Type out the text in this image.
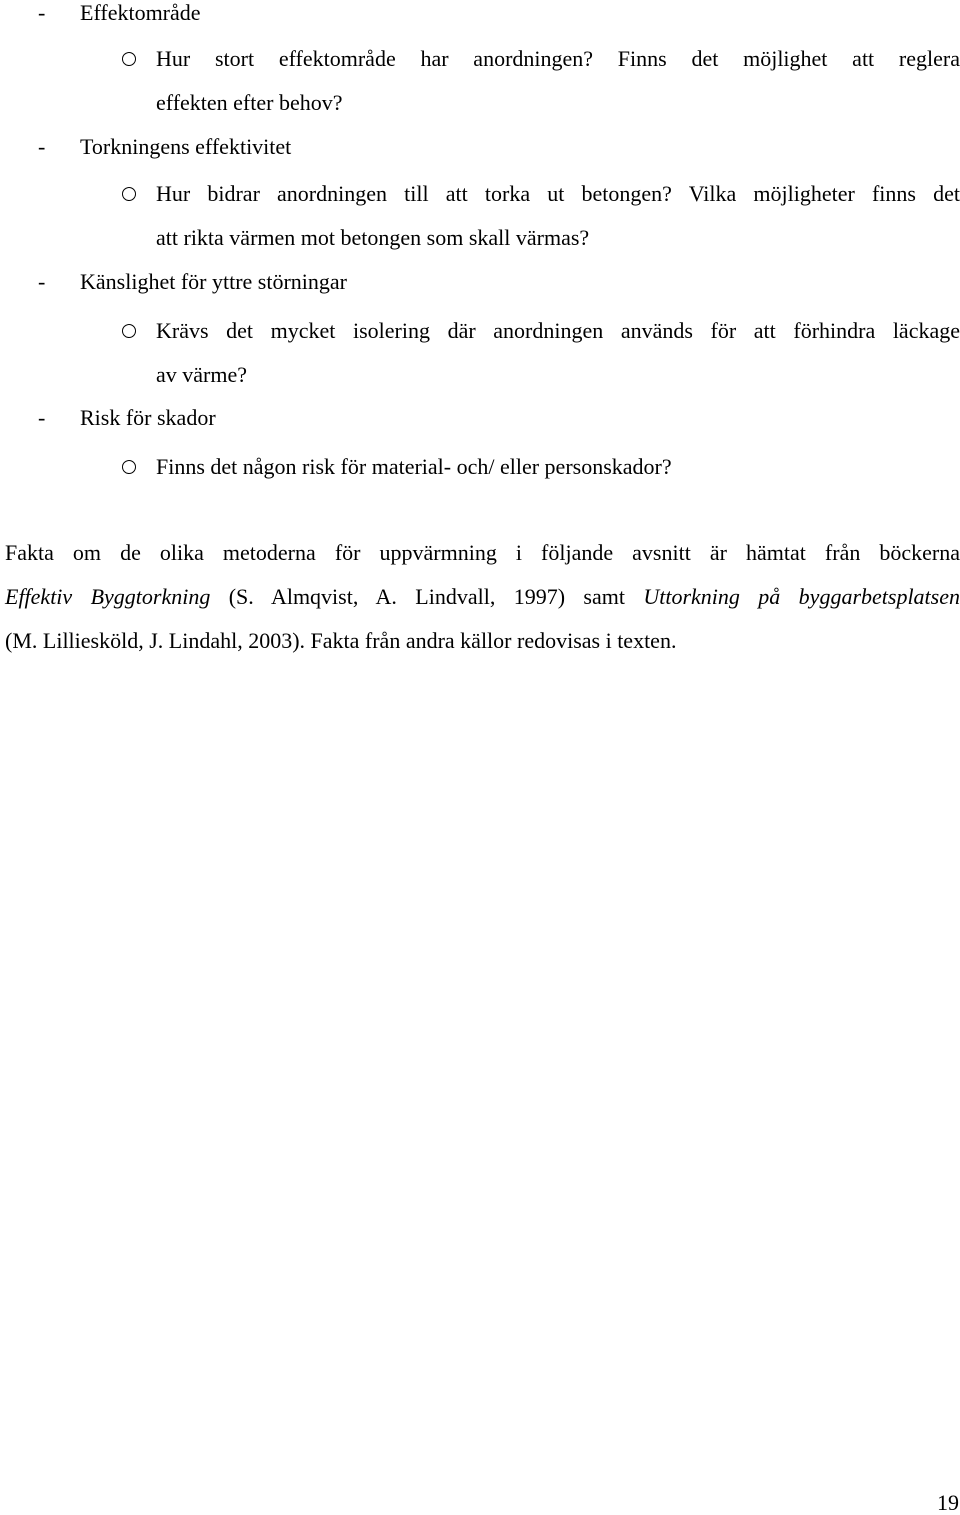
- Effektområde
Hur stort effektområde har anordningen? Finns det möjlighet att reglera
effekten efter behov?
- Torkningens effektivitet
Hur bidrar anordningen till att torka ut betongen? Vilka möjligheter finns det
att rikta värmen mot betongen som skall värmas?
- Känslighet för yttre störningar
Krävs det mycket isolering där anordningen används för att förhindra läckage
av värme?
- Risk för skador
Finns det någon risk för material- och/ eller personskador?
Fakta om de olika metoderna för uppvärmning i följande avsnitt är hämtat från böckerna
Effektiv Byggtorkning (S. Almqvist, A. Lindvall, 1997) samt Uttorkning på byggarbetsplatsen
(M. Lilliesköld, J. Lindahl, 2003). Fakta från andra källor redovisas i texten.
19
